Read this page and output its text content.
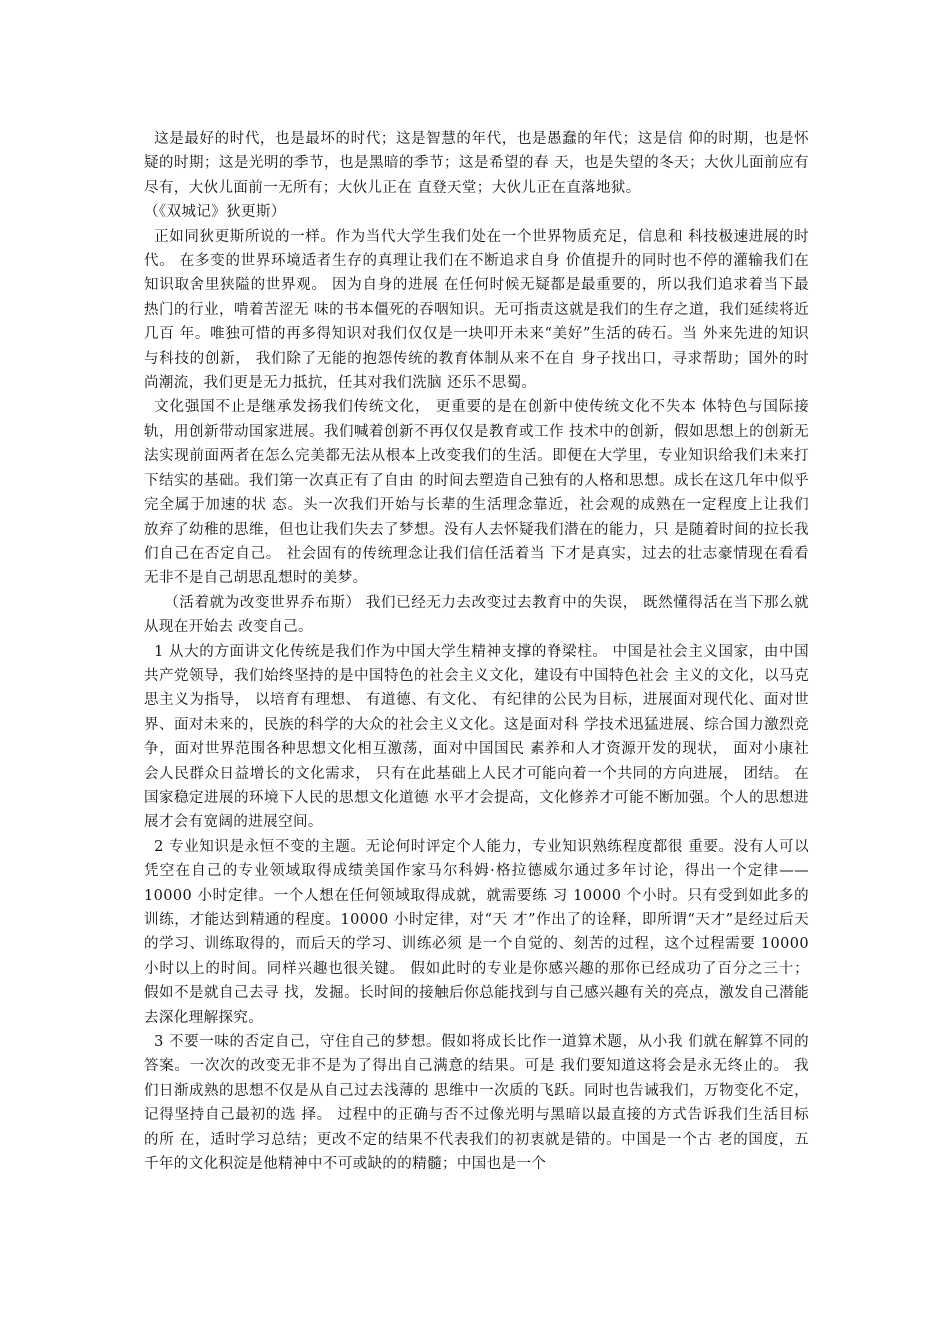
这是最好的时代，也是最坏的时代；这是智慧的年代，也是愚蠢的年代；这是信 仰的时期，也是怀疑的时期；这是光明的季节，也是黑暗的季节；这是希望的春 天，也是失望的冬天；大伙儿面前应有尽有，大伙儿面前一无所有；大伙儿正在 直登天堂；大伙儿正在直落地狱。

（《双城记》狄更斯）

正如同狄更斯所说的一样。作为当代大学生我们处在一个世界物质充足，信息和 科技极速进展的时代。 在多变的世界环境适者生存的真理让我们在不断追求自身 价值提升的同时也不停的灌输我们在知识取舍里狭隘的世界观。 因为自身的进展 在任何时候无疑都是最重要的，所以我们追求着当下最热门的行业，啃着苦涩无 味的书本僵死的吞咽知识。无可指责这就是我们的生存之道，我们延续将近几百 年。唯独可惜的再多得知识对我们仅仅是一块叩开未来“美好”生活的砖石。当 外来先进的知识与科技的创新， 我们除了无能的抱怨传统的教育体制从来不在自 身子找出口，寻求帮助；国外的时尚潮流，我们更是无力抵抗，任其对我们洗脑 还乐不思蜀。

文化强国不止是继承发扬我们传统文化， 更重要的是在创新中使传统文化不失本 体特色与国际接轨，用创新带动国家进展。我们喊着创新不再仅仅是教育或工作 技术中的创新，假如思想上的创新无法实现前面两者在怎么完美都无法从根本上改变我们的生活。即便在大学里，专业知识给我们未来打下结实的基础。我们第一次真正有了自由 的时间去塑造自己独有的人格和思想。成长在这几年中似乎完全属于加速的状 态。头一次我们开始与长辈的生活理念靠近，社会观的成熟在一定程度上让我们 放弃了幼稚的思维，但也让我们失去了梦想。没有人去怀疑我们潜在的能力，只 是随着时间的拉长我们自己在否定自己。 社会固有的传统理念让我们信任活着当 下才是真实，过去的壮志豪情现在看看无非不是自己胡思乱想时的美梦。

（活着就为改变世界乔布斯） 我们已经无力去改变过去教育中的失误， 既然懂得活在当下那么就从现在开始去 改变自己。

1 从大的方面讲文化传统是我们作为中国大学生精神支撑的脊梁柱。 中国是社会主义国家，由中国共产党领导，我们始终坚持的是中国特色的社会主义文化，建设有中国特色社会 主义的文化，以马克思主义为指导， 以培育有理想、 有道德、有文化、 有纪律的公民为目标，进展面对现代化、面对世界、面对未来的，民族的科学的大众的社会主义文化。这是面对科 学技术迅猛进展、综合国力激烈竞争，面对世界范围各种思想文化相互激荡，面对中国国民 素养和人才资源开发的现状， 面对小康社会人民群众日益增长的文化需求， 只有在此基础上人民才可能向着一个共同的方向进展， 团结。 在国家稳定进展的环境下人民的思想文化道德 水平才会提高，文化修养才可能不断加强。个人的思想进展才会有宽阔的进展空间。

2 专业知识是永恒不变的主题。无论何时评定个人能力，专业知识熟练程度都很 重要。没有人可以凭空在自己的专业领域取得成绩美国作家马尔科姆·格拉德威尔通过多年讨论，得出一个定律——10000 小时定律。一个人想在任何领域取得成就，就需要练 习 10000 个小时。只有受到如此多的训练，才能达到精通的程度。10000 小时定律，对“天 才”作出了的诠释，即所谓“天才”是经过后天的学习、训练取得的，而后天的学习、训练必须 是一个自觉的、刻苦的过程，这个过程需要 10000 小时以上的时间。同样兴趣也很关键。 假如此时的专业是你感兴趣的那你已经成功了百分之三十； 假如不是就自己去寻 找，发掘。长时间的接触后你总能找到与自己感兴趣有关的亮点，激发自己潜能 去深化理解探究。

3 不要一味的否定自己，守住自己的梦想。假如将成长比作一道算术题，从小我 们就在解算不同的答案。一次次的改变无非不是为了得出自己满意的结果。可是 我们要知道这将会是永无终止的。 我们日渐成熟的思想不仅是从自己过去浅薄的 思维中一次质的飞跃。同时也告诫我们，万物变化不定，记得坚持自己最初的选 择。 过程中的正确与否不过像光明与黑暗以最直接的方式告诉我们生活目标的所 在，适时学习总结；更改不定的结果不代表我们的初衷就是错的。中国是一个古 老的国度，五千年的文化积淀是他精神中不可或缺的的精髓；中国也是一个
